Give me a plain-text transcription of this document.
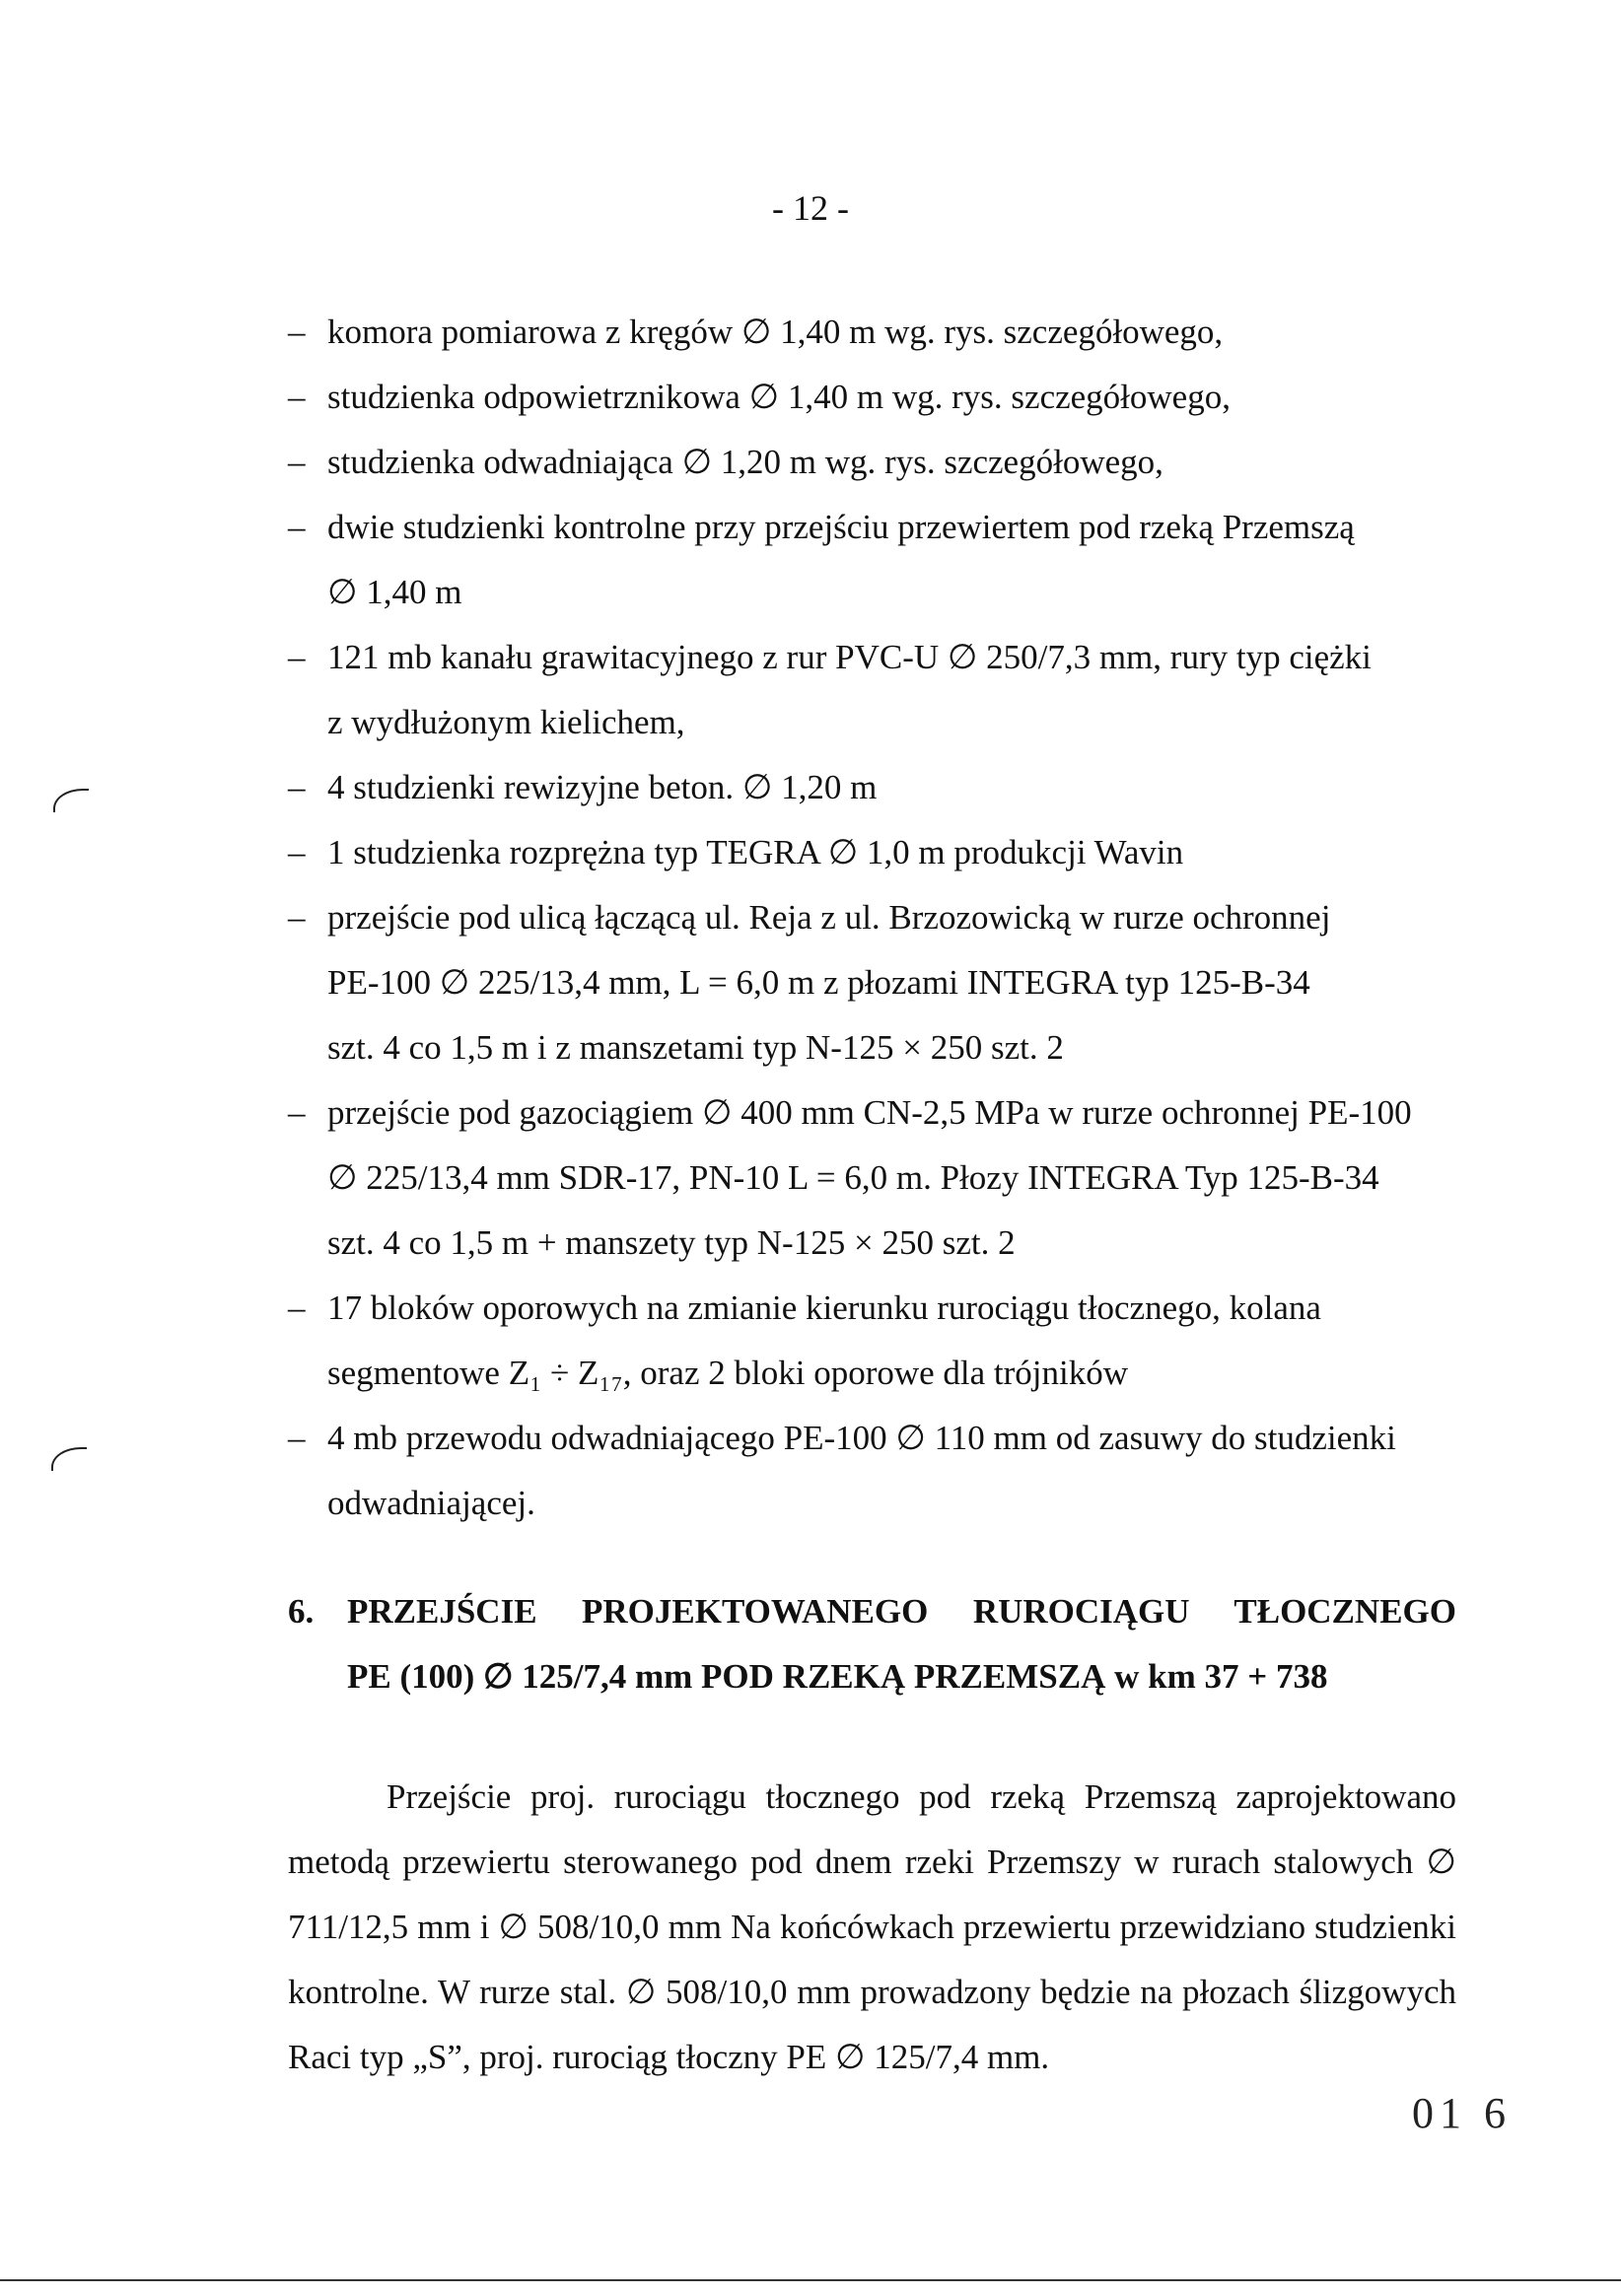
- 12 -
– komora pomiarowa z kręgów ∅ 1,40 m wg. rys. szczegółowego,
– studzienka odpowietrznikowa ∅ 1,40 m wg. rys. szczegółowego,
– studzienka odwadniająca ∅ 1,20 m wg. rys. szczegółowego,
– dwie studzienki kontrolne przy przejściu przewiertem pod rzeką Przemszą
∅ 1,40 m
– 121 mb kanału grawitacyjnego z rur PVC-U ∅ 250/7,3 mm, rury typ ciężki
z wydłużonym kielichem,
– 4 studzienki rewizyjne beton. ∅ 1,20 m
– 1 studzienka rozprężna typ TEGRA ∅ 1,0 m produkcji Wavin
– przejście pod ulicą łączącą ul. Reja z ul. Brzozowicką w rurze ochronnej
PE-100 ∅ 225/13,4 mm, L = 6,0 m z płozami INTEGRA typ 125-B-34
szt. 4 co 1,5 m i z manszetami typ N-125 × 250 szt. 2
– przejście pod gazociągiem ∅ 400 mm CN-2,5 MPa w rurze ochronnej PE-100
∅ 225/13,4 mm SDR-17, PN-10 L = 6,0 m. Płozy INTEGRA Typ 125-B-34
szt. 4 co 1,5 m + manszety typ N-125 × 250 szt. 2
– 17 bloków oporowych na zmianie kierunku rurociągu tłocznego, kolana
segmentowe Z₁ ÷ Z₁₇, oraz 2 bloki oporowe dla trójników
– 4 mb przewodu odwadniającego PE-100 ∅ 110 mm od zasuwy do studzienki
odwadniającej.
6. PRZEJŚCIE PROJEKTOWANEGO RUROCIĄGU TŁOCZNEGO
PE (100) ∅ 125/7,4 mm POD RZEKĄ PRZEMSZĄ w km 37 + 738

Przejście proj. rurociągu tłocznego pod rzeką Przemszą zaprojektowano metodą przewiertu sterowanego pod dnem rzeki Przemszy w rurach stalowych ∅ 711/12,5 mm i ∅ 508/10,0 mm Na końcówkach przewiertu przewidziano studzienki kontrolne. W rurze stal. ∅ 508/10,0 mm prowadzony będzie na płozach ślizgowych Raci typ „S”, proj. rurociąg tłoczny PE ∅ 125/7,4 mm.

01 6
